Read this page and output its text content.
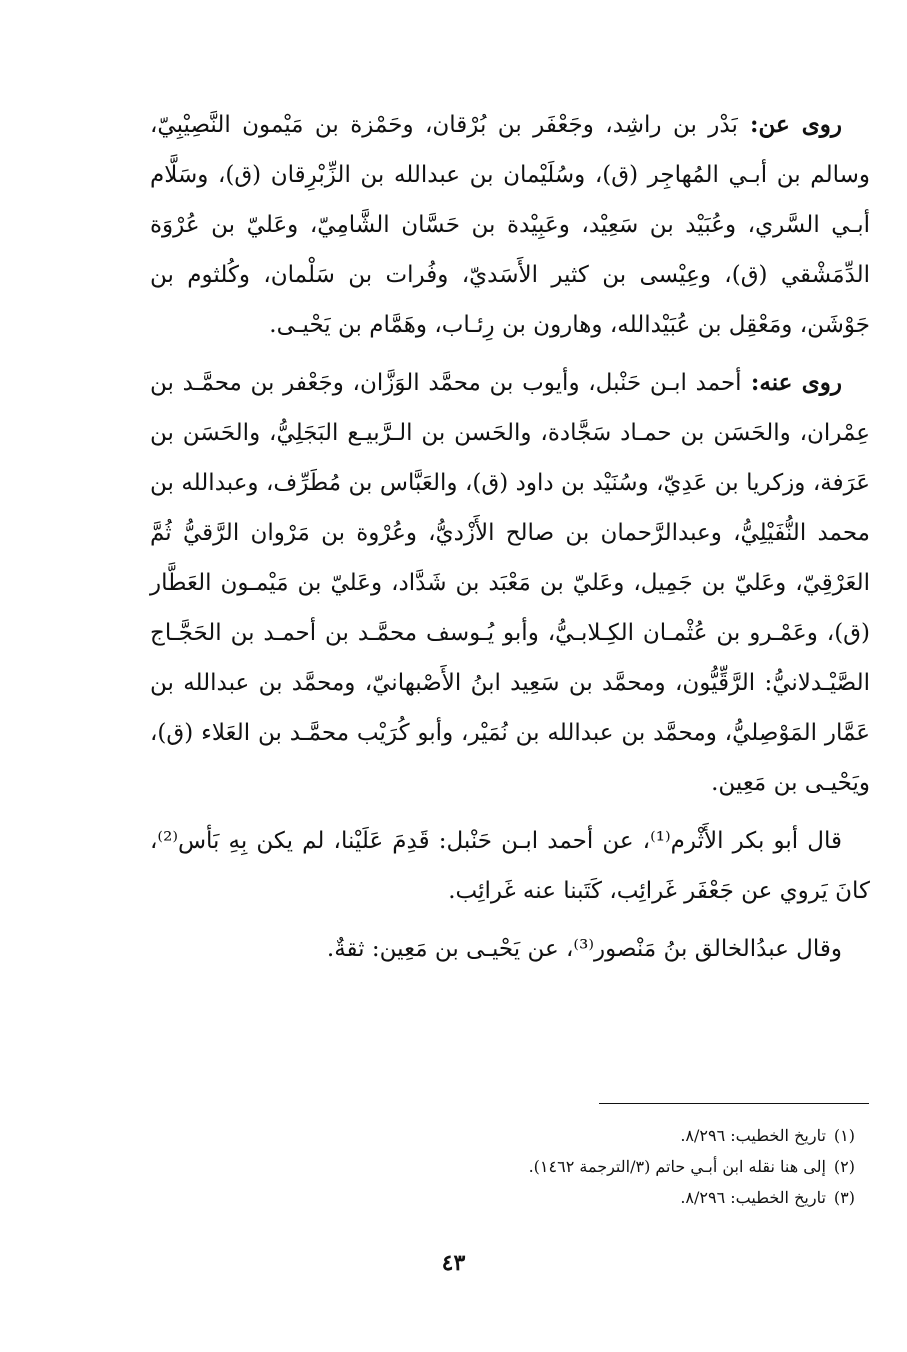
روى عن: بَدْر بن راشِد، وجَعْفَر بن بُرْقان، وحَمْزة بن مَيْمون النَّصِيْبِيّ، وسالم بن أبـي المُهاجِر (ق)، وسُلَيْمان بن عبدالله بن الزِّبْرِقان (ق)، وسَلَّام أبـي السَّري، وعُبَيْد بن سَعِيْد، وعَبِيْدة بن حَسَّان الشَّامِيّ، وعَليّ بن عُرْوَة الدِّمَشْقي (ق)، وعِيْسى بن كثير الأَسَديّ، وفُرات بن سَلْمان، وكُلثوم بن جَوْشَن، ومَعْقِل بن عُبَيْدالله، وهارون بن رِئـاب، وهَمَّام بن يَحْيـى.

روى عنه: أحمد ابـن حَنْبل، وأيوب بن محمَّد الوَزَّان، وجَعْفر بن محمَّـد بن عِمْران، والحَسَن بن حمـاد سَجَّادة، والحَسن بن الـرَّبيـع البَجَلِيُّ، والحَسَن بن عَرَفة، وزكريا بن عَدِيّ، وسُنَيْد بن داود (ق)، والعَبَّاس بن مُطَرِّف، وعبدالله بن محمد النُّفَيْلِيُّ، وعبدالرَّحمان بن صالح الأَزْديُّ، وعُرْوة بن مَرْوان الرَّقيُّ ثُمَّ العَرْقِيّ، وعَليّ بن جَمِيل، وعَليّ بن مَعْبَد بن شَدَّاد، وعَليّ بن مَيْمـون العَطَّار (ق)، وعَمْـرو بن عُثْمـان الكِـلابـيُّ، وأبو يُـوسف محمَّـد بن أحمـد بن الحَجَّـاج الصَّيْـدلانيُّ: الرَّقِّيُّون، ومحمَّد بن سَعِيد ابنُ الأَصْبهانيّ، ومحمَّد بن عبدالله بن عَمَّار المَوْصِليُّ، ومحمَّد بن عبدالله بن نُمَيْر، وأبو كُرَيْب محمَّـد بن العَلاء (ق)، ويَحْيـى بن مَعِين.

قال أبو بكر الأَثْرم⁽¹⁾، عن أحمد ابـن حَنْبل: قَدِمَ عَلَيْنا، لم يكن بِهِ بَأس⁽²⁾، كانَ يَروي عن جَعْفَر غَرائِب، كَتَبنا عنه غَرائِب.

وقال عبدُالخالق بنُ مَنْصور⁽³⁾، عن يَحْيـى بن مَعِين: ثقةٌ.

(١)تاريخ الخطيب: ٨/٢٩٦.
(٢)إلى هنا نقله ابن أبـي حاتم (٣/الترجمة ١٤٦٢).
(٣)تاريخ الخطيب: ٨/٢٩٦.
٤٣
